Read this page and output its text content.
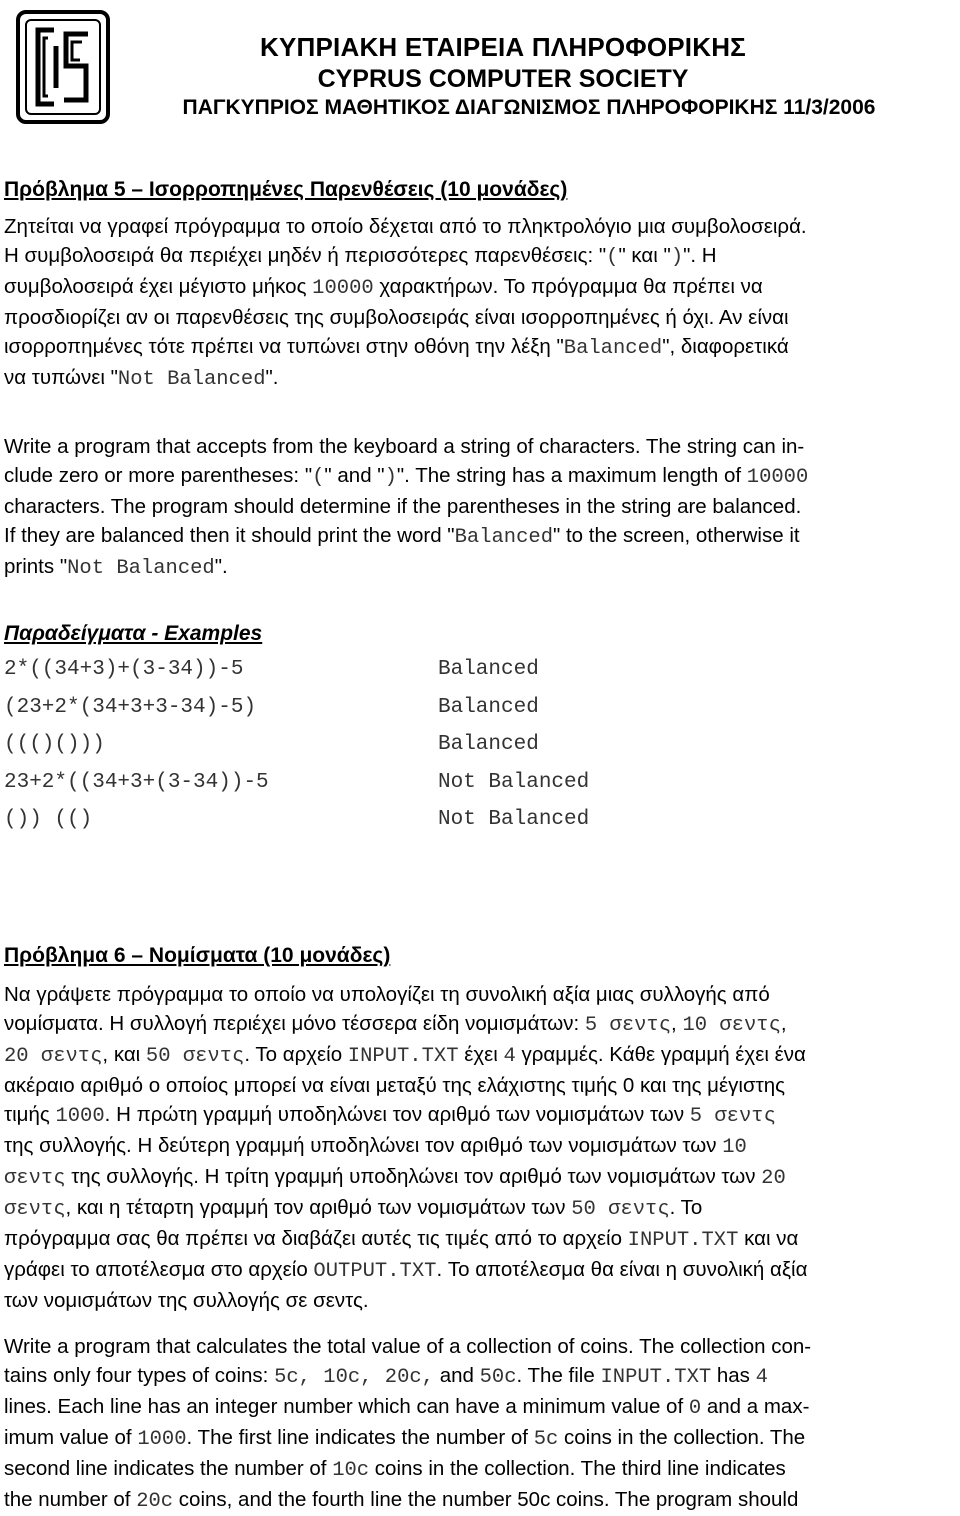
ΚΥΠΡΙΑΚΗ ΕΤΑΙΡΕΙΑ ΠΛΗΡΟΦΟΡΙΚΗΣ
CYPRUS COMPUTER SOCIETY
ΠΑΓΚΥΠΡΙΟΣ ΜΑΘΗΤΙΚΟΣ ΔΙΑΓΩΝΙΣΜΟΣ ΠΛΗΡΟΦΟΡΙΚΗΣ 11/3/2006
Πρόβλημα 5 – Ισορροπημένες Παρενθέσεις (10 μονάδες)
Ζητείται να γραφεί πρόγραμμα το οποίο δέχεται από το πληκτρολόγιο μια συμβολοσειρά.
Η συμβολοσειρά θα περιέχει μηδέν ή περισσότερες παρενθέσεις: "(" και ")". Η
συμβολοσειρά έχει μέγιστο μήκος 10000 χαρακτήρων. Το πρόγραμμα θα πρέπει να
προσδιορίζει αν οι παρενθέσεις της συμβολοσειράς είναι ισορροπημένες ή όχι. Αν είναι
ισορροπημένες τότε πρέπει να τυπώνει στην οθόνη την λέξη "Balanced", διαφορετικά
να τυπώνει "Not Balanced".
Write a program that accepts from the keyboard a string of characters. The string can in-
clude zero or more parentheses: "(" and ")". The string has a maximum length of 10000
characters. The program should determine if the parentheses in the string are balanced.
If they are balanced then it should print the word "Balanced" to the screen, otherwise it
prints "Not Balanced".
Παραδείγματα - Examples
2*((34+3)+(3-34))-5	Balanced
(23+2*(34+3+3-34)-5)	Balanced
((()()))	Balanced
23+2*((34+3+(3-34))-5	Not Balanced
()) (()	Not Balanced
Πρόβλημα 6 – Νομίσματα (10 μονάδες)
Να γράψετε πρόγραμμα το οποίο να υπολογίζει τη συνολική αξία μιας συλλογής από
νομίσματα. Η συλλογή περιέχει μόνο τέσσερα είδη νομισμάτων: 5 σεντς, 10 σεντς,
20 σεντς, και 50 σεντς. Το αρχείο INPUT.TXT έχει 4 γραμμές. Κάθε γραμμή έχει ένα
ακέραιο αριθμό ο οποίος μπορεί να είναι μεταξύ της ελάχιστης τιμής 0 και της μέγιστης
τιμής 1000. Η πρώτη γραμμή υποδηλώνει τον αριθμό των νομισμάτων των 5 σεντς
της συλλογής. Η δεύτερη γραμμή υποδηλώνει τον αριθμό των νομισμάτων των 10
σεντς της συλλογής. Η τρίτη γραμμή υποδηλώνει τον αριθμό των νομισμάτων των 20
σεντς, και η τέταρτη γραμμή τον αριθμό των νομισμάτων των 50 σεντς. Το
πρόγραμμα σας θα πρέπει να διαβάζει αυτές τις τιμές από το αρχείο INPUT.TXT και να
γράφει το αποτέλεσμα στο αρχείο OUTPUT.TXT. Το αποτέλεσμα θα είναι η συνολική αξία
των νομισμάτων της συλλογής σε σεντς.
Write a program that calculates the total value of a collection of coins. The collection con-
tains only four types of coins: 5c, 10c, 20c, and 50c. The file INPUT.TXT has 4
lines. Each line has an integer number which can have a minimum value of 0 and a max-
imum value of 1000. The first line indicates the number of 5c coins in the collection. The
second line indicates the number of 10c coins in the collection. The third line indicates
the number of 20c coins, and the fourth line the number 50c coins. The program should
